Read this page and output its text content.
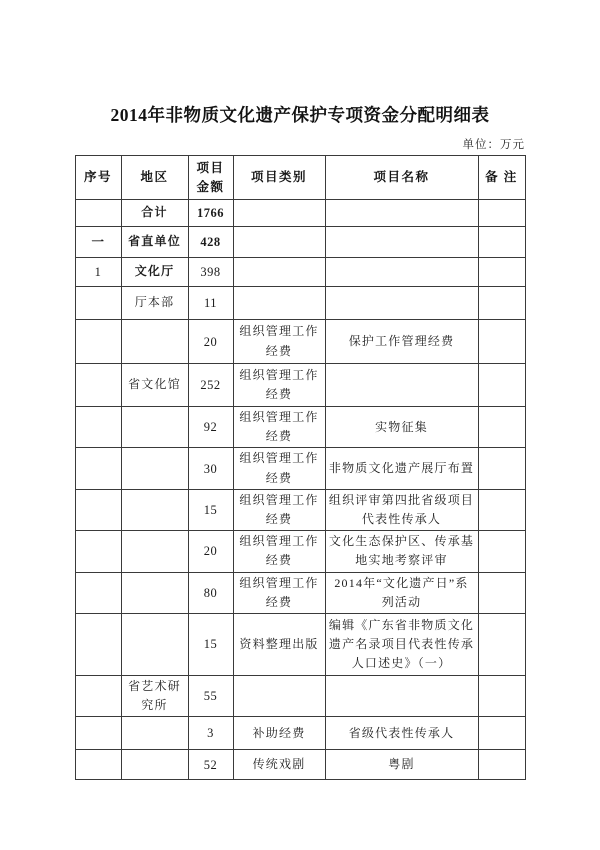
2014年非物质文化遗产保护专项资金分配明细表
单位：万元
序号	地区	项目金额	项目类别	项目名称	备 注
	合计	1766			
一	省直单位	428			
1	文化厅	398			
	厅本部	11			
		20	组织管理工作经费	保护工作管理经费	
	省文化馆	252	组织管理工作经费		
		92	组织管理工作经费	实物征集	
		30	组织管理工作经费	非物质文化遗产展厅布置	
		15	组织管理工作经费	组织评审第四批省级项目代表性传承人	
		20	组织管理工作经费	文化生态保护区、传承基地实地考察评审	
		80	组织管理工作经费	2014年“文化遗产日”系列活动	
		15	资料整理出版	编辑《广东省非物质文化遗产名录项目代表性传承人口述史》（一）	
	省艺术研究所	55			
		3	补助经费	省级代表性传承人	
		52	传统戏剧	粤剧	
